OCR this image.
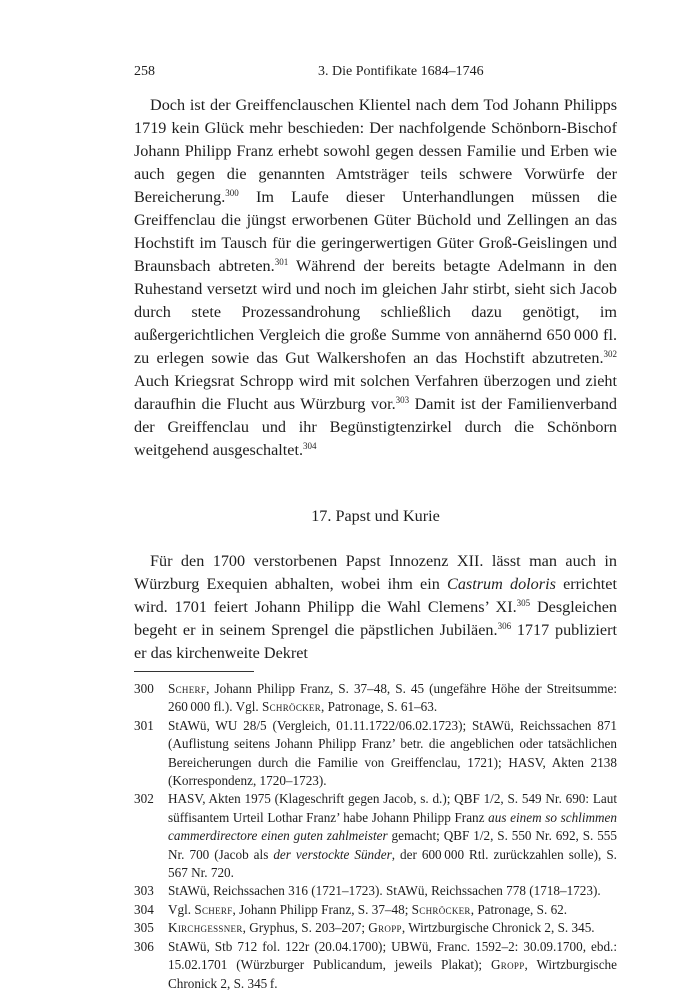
258	3. Die Pontifikate 1684–1746

Doch ist der Greiffenclauschen Klientel nach dem Tod Johann Philipps 1719 kein Glück mehr beschieden: Der nachfolgende Schönborn-Bischof Johann Philipp Franz erhebt sowohl gegen dessen Familie und Erben wie auch gegen die genannten Amtsträger teils schwere Vorwürfe der Bereicherung.$^{300}$ Im Laufe dieser Unterhandlungen müssen die Greiffenclau die jüngst erworbenen Güter Büchold und Zellingen an das Hochstift im Tausch für die geringerwertigen Güter Groß-Geislingen und Braunsbach abtreten.$^{301}$ Während der bereits betagte Adelmann in den Ruhestand versetzt wird und noch im gleichen Jahr stirbt, sieht sich Jacob durch stete Prozessandrohung schließlich dazu genötigt, im außergerichtlichen Vergleich die große Summe von annähernd 650 000 fl. zu erlegen sowie das Gut Walkershofen an das Hochstift abzutreten.$^{302}$ Auch Kriegsrat Schropp wird mit solchen Verfahren überzogen und zieht daraufhin die Flucht aus Würzburg vor.$^{303}$ Damit ist der Familienverband der Greiffenclau und ihr Begünstigtenzirkel durch die Schönborn weitgehend ausgeschaltet.$^{304}$

17. Papst und Kurie

Für den 1700 verstorbenen Papst Innozenz XII. lässt man auch in Würzburg Exequien abhalten, wobei ihm ein Castrum doloris errichtet wird. 1701 feiert Johann Philipp die Wahl Clemens’ XI.$^{305}$ Desgleichen begeht er in seinem Sprengel die päpstlichen Jubiläen.$^{306}$ 1717 publiziert er das kirchenweite Dekret

300	Scherf, Johann Philipp Franz, S. 37–48, S. 45 (ungefähre Höhe der Streitsumme: 260 000 fl.). Vgl. Schröcker, Patronage, S. 61–63.
301	StAWü, WU 28/5 (Vergleich, 01.11.1722/06.02.1723); StAWü, Reichssachen 871 (Auflistung seitens Johann Philipp Franz’ betr. die angeblichen oder tatsächlichen Bereicherungen durch die Familie von Greiffenclau, 1721); HASV, Akten 2138 (Korrespondenz, 1720–1723).
302	HASV, Akten 1975 (Klageschrift gegen Jacob, s. d.); QBF 1/2, S. 549 Nr. 690: Laut süffisantem Urteil Lothar Franz’ habe Johann Philipp Franz aus einem so schlimmen cammerdirectore einen guten zahlmeister gemacht; QBF 1/2, S. 550 Nr. 692, S. 555 Nr. 700 (Jacob als der verstockte Sünder, der 600 000 Rtl. zurückzahlen solle), S. 567 Nr. 720.
303	StAWü, Reichssachen 316 (1721–1723). StAWü, Reichssachen 778 (1718–1723).
304	Vgl. Scherf, Johann Philipp Franz, S. 37–48; Schröcker, Patronage, S. 62.
305	Kirchgessner, Gryphus, S. 203–207; Gropp, Wirtzburgische Chronick 2, S. 345.
306	StAWü, Stb 712 fol. 122r (20.04.1700); UBWü, Franc. 1592–2: 30.09.1700, ebd.: 15.02.1701 (Würzburger Publicandum, jeweils Plakat); Gropp, Wirtzburgische Chronick 2, S. 345 f.
